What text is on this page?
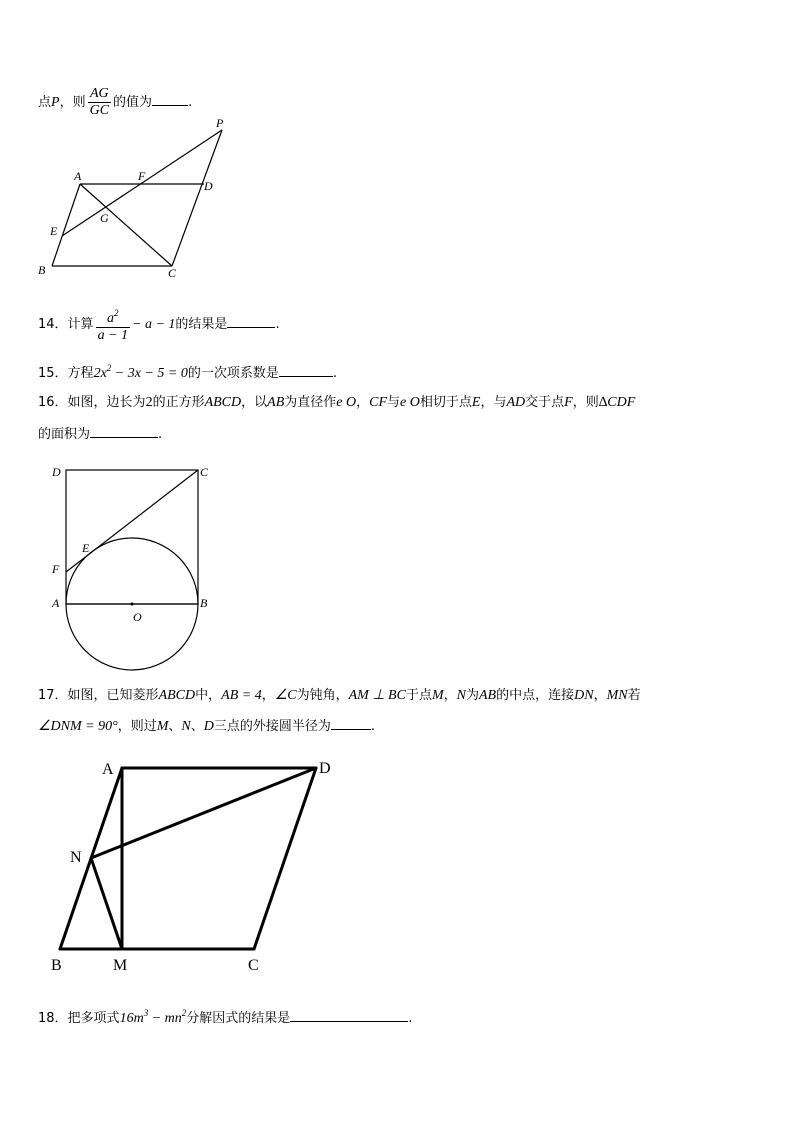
点P，则 $\frac{AG}{GC}$ 的值为	.
P
A	F
D
G
E
B	C
14．计算 $\frac{a^2}{a - 1} - a - 1$的结果是	.
15．方程$2x^2 - 3x - 5 = 0$的一次项系数是	.
16．如图，边长为2的正方形ABCD，以AB为直径作e O，CF与e O相切于点E，与AD交于点F，则∆CDF
的面积为	.
D	C
E
F
A
O
B
17．如图，已知菱形ABCD中，AB = 4，∠C为钝角，AM ⊥ BC于点M，N为AB的中点，连接DN，MN若
∠DNM = 90°，则过M、N、D三点的外接圆半径为	.
A	D
N
B	M	C
18．把多项式$16m^3 - mn^2$分解因式的结果是	.
